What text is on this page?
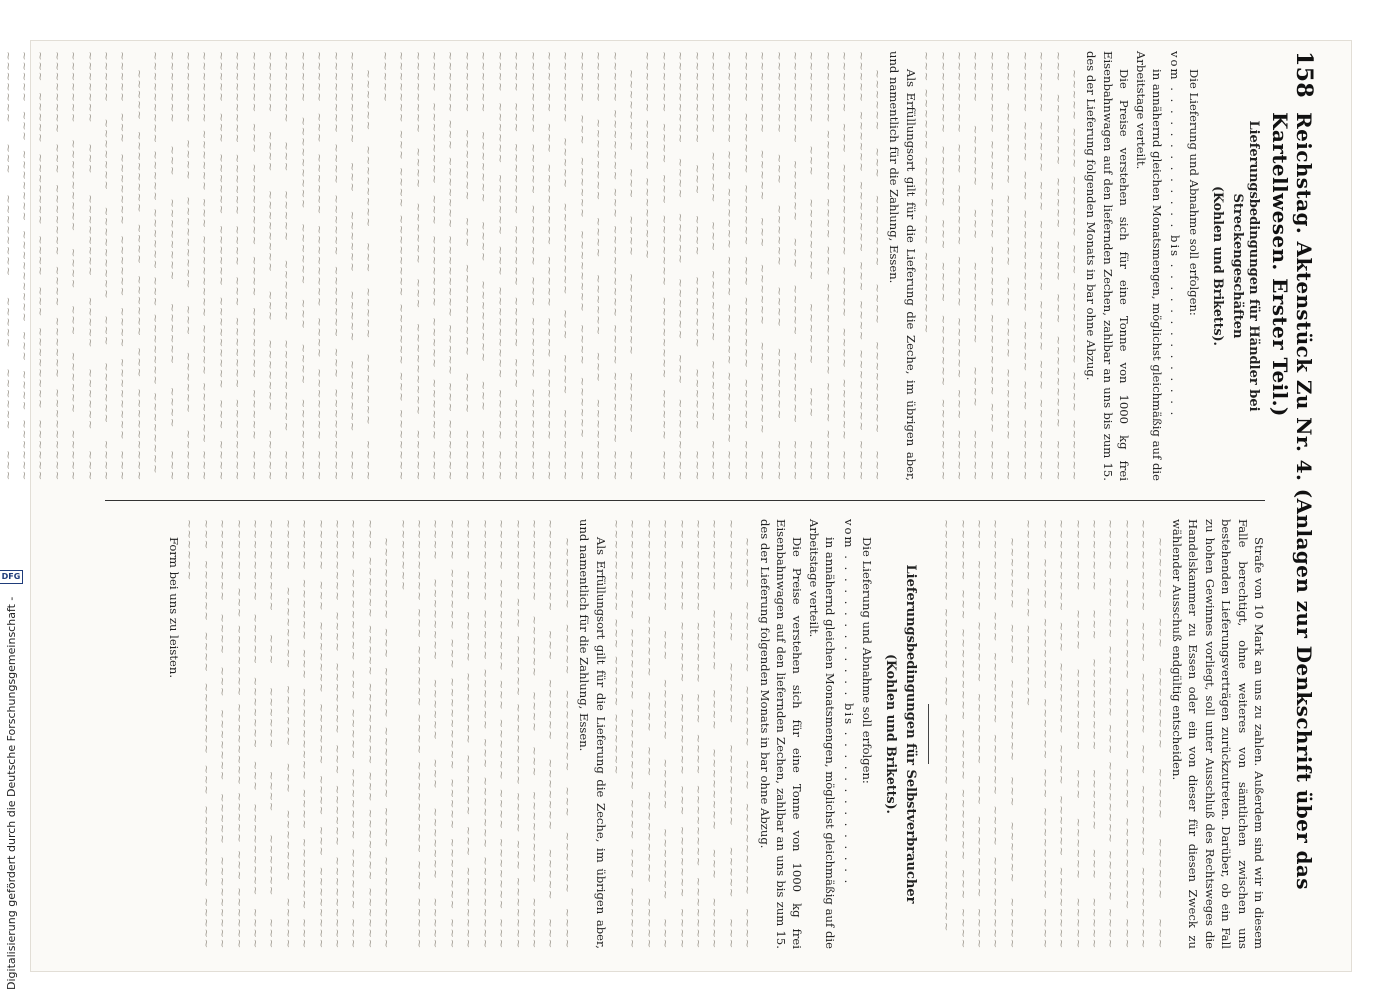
158
Reichstag. Aktenstück Zu Nr. 4. (Anlagen zur Denkschrift über das Kartellwesen. Erster Teil.)
Lieferungsbedingungen für Händler bei Streckengeschäften
(Kohlen und Briketts).

Die Lieferung und Abnahme soll erfolgen:

vom . . . . . . . . . . . . . bis . . . . . . . . . . . . . .

in annähernd gleichen Monatsmengen, möglichst gleichmäßig auf die Arbeitstage verteilt.

Die Preise verstehen sich für eine Tonne von 1000 kg frei Eisenbahnwagen auf den liefernden Zechen, zahlbar an uns bis zum 15. des der Lieferung folgenden Monats in bar ohne Abzug.

~~~~~ ~~~~ ~~~~~~ ~~~ ~~~~~~~~ ~~~~ ~~~~~~ ~~~ ~~~~~~~ ~~~~~ ~~~~ ~~~ ~~~~~~~~~ ~~~~ ~~~~~~ ~~~~~ ~~~ ~~~~~~~ ~~~~~ ~~~ ~~~~~~~~ ~~~~~~ ~~~~ ~~~ ~~~~~~~~~~ ~~~~~ ~~~ ~~~~~~ ~~~~ ~~~~~~~~ ~~~~~~~ ~~~ ~~~~ ~~~~~~~ ~~~ ~~~~~~~~ ~~~~~ ~~~~ ~~~~~~ ~~~~~~~~ ~~~ ~~~~ ~~~~~ ~~~~~~ ~~~ ~~~~~~~~ ~~~~ ~~~~~ ~~~~~~~~ ~~~ ~~~~~~ ~~~~~ ~~~~~~ ~~~ ~~~~~ ~~~~~~~~ ~~~~~~ ~~~ ~~~~ ~~~~~~~ ~~~~~~~~ ~~~ ~~~~~~ ~~~~~ ~~~ ~~~~~~~~

Als Erfüllungsort gilt für die Lieferung die Zeche, im übrigen aber, und namentlich für die Zahlung, Essen.

~~~~~~ ~~~ ~~~~~~~ ~~~~ ~~~~~~~~~ ~~~ ~~~~~ ~~~~~~ ~~~~~~~ ~~~ ~~~~ ~~~~~~~~ ~~~~ ~~~~~~ ~~~ ~~~~~~~~~ ~~~~~ ~~~~ ~~~~~~ ~~~ ~~~~~~~ ~~~~~~ ~~~~ ~~~ ~~~~~~~~~ ~~~~ ~~~~~ ~~~~~~~ ~~~ ~~~~~~~~ ~~~~~~ ~~~ ~~~~ ~~~~~~~~~ ~~~~~~ ~~~ ~~~~~ ~~~~~~~ ~~~~ ~~~~~~~~ ~~~ ~~~~~~ ~~~~ ~~~~~~~ ~~~~ ~~~~~~~~ ~~~~~ ~~~ ~~~~~~ ~~~~~~~~~ ~~~ ~~~~~ ~~~~~~ ~~~~~~ ~~~ ~~~~~~~ ~~~~~ ~~~~ ~~~~~~~~~ ~~~ ~~~~~~ ~~~~ ~~~~~~ ~~~~~~~ ~~~ ~~~~~~~~ ~~~~~ ~~~ ~~~~~~~ ~~~~~~ ~~~~ ~~~~~~~~~ ~~~ ~~~~ ~~~~~~~ ~~~~~~ ~~~ ~~~~~~~~~ ~~~~ ~~~~~ ~~~~~~ ~~~ ~~~~~~~~ ~~~~~~ ~~~~ ~~~ ~~~~~~~ ~~~~~~~~ ~~~~~ ~~~ ~~~~~~ ~~~~~ ~~~~~~~~

~~~~~~~~ ~~~ ~~~~ ~~~~~~~~ ~~~~~~ ~~~ ~~~~~ ~~~~~~~ ~~~ ~~~~~~~~~ ~~~~ ~~~~~~~ ~~~ ~~~~~ ~~~~~~~~ ~~~~ ~~~~~~ ~~~ ~~~~~~~~ ~~~~~ ~~~ ~~~~~~ ~~~~~~~~ ~~~~ ~~~~~~ ~~~ ~~~~~~~ ~~~~~ ~~~~~~~~~ ~~~ ~~~~ ~~~~~~~ ~~~~~~ ~~~ ~~~~~~~~ ~~~~~ ~~~~ ~~~~~~~ ~~~ ~~~~~~~~ ~~~~~ ~~~~~~ ~~~ ~~~~~~ ~~~~~~~~~ ~~~~ ~~~ ~~~~~~~ ~~~~~~ ~~~~~ ~~~ ~~~~~~~~ ~~~~ ~~~~~~ ~~~~~~ ~~~ ~~~~~~~~~ ~~~~~ ~~~ ~~~~~~ ~~~~~~~ ~~~~ ~~~~~~~~ ~~~ ~~~~~ ~~~~~~ ~~~~~~~ ~~~ ~~~~~~~~~ ~~~~ ~~~~~ ~~~~~~ ~~~ ~~~~~~~ ~~~~~~~~ ~~~~~ ~~~ ~~~~~~ ~~~~ ~~~~~~~~ ~~~ ~~~~~~~ ~~~~~ ~~~~~~ ~~~ ~~~~~~~~ ~~~~ ~~~~~~ ~~~ ~~~~~~~~~ ~~~~~ ~~~~~~~ ~~~ ~~~~ ~~~~~~~~ ~~~~~~ ~~~ ~~~~~~~ ~~~~~

~~~~~~ ~~~~~~~~ ~~~ ~~~~~ ~~~~~~~ ~~~~ ~~~~~~~~~ ~~~ ~~~~~~ ~~~~~ ~~~~~~~ ~~~ ~~~~~~~~ ~~~~ ~~~~~~ ~~~~~~~ ~~~ ~~~~~~~~~ ~~~~~ ~~~ ~~~~~~ ~~~~~~~~ ~~~~ ~~~~~~~ ~~~ ~~~~~ ~~~~~~~~~ ~~~~~~ ~~~ ~~~~ ~~~~~~~~ ~~~~~~~ ~~~ ~~~~~ ~~~~~~ ~~~~~~~~~ ~~~ ~~~~~~ ~~~~ ~~~~~~~~ ~~~ ~~~~~~~ ~~~~~ ~~~~~~ ~~~ ~~~~~~~~ ~~~~ ~~~~~~~ ~~~~~ ~~~ ~~~~~~~~~ ~~~~~~ ~~~~ ~~~ ~~~~~~~ ~~~~~~~~ ~~~~~ ~~~ ~~~~~~ ~~~~~~ ~~~~~~~~~ ~~~ ~~~~ ~~~~~~~ ~~~~~~ ~~~ ~~~~~~~~ ~~~~~ ~~~~~~ ~~~ ~~~~~~~ ~~~~ ~~~~~~~~~ ~~~ ~~~~~~ ~~~~~ ~~~~~~~ ~~~ ~~~~~~~~ ~~~~~~ ~~~~ ~~~ ~~~~~~~~~ ~~~~~ ~~~~~~ ~~~ ~~~~~~~ ~~~~~~~~

~~~~~ ~~~~~~~~ ~~~~ ~~~~~~ ~~~ ~~~~~~~~~ ~~~~~ ~~~ ~~~~~~~ ~~~~~~ ~~~~ ~~~~~~~~ ~~~ ~~~~~ ~~~~~~~ ~~~~~~~~~ ~~~ ~~~~~~ ~~~~ ~~~~~~~ ~~~ ~~~~~~~~ ~~~~~ ~~~~~~ ~~~ ~~~~~~~ ~~~~~~~~~ ~~~~ ~~~ ~~~~~~ ~~~~~ ~~~~~~~~ ~~~ ~~~~~~~ ~~~~ ~~~~~~ ~~~~~~~~~ ~~~ ~~~~~ ~~~~~~~ ~~~~ ~~~ ~~~~~~~~ ~~~~~~ ~~~~~ ~~~ ~~~~~~~ ~~~~~~~~~ ~~~ ~~~~ ~~~~~~ ~~~~~~~ ~~~ ~~~~~~~~ ~~~~~ ~~~~~~ ~~~

Strafe von 10 Mark an uns zu zahlen. Außerdem sind wir in diesem Falle berechtigt, ohne weiteres von sämtlichen zwischen uns bestehenden Lieferungsverträgen zurückzutreten. Darüber, ob ein Fall zu hohen Gewinnes vorliegt, soll unter Ausschluß des Rechtsweges die Handelskammer zu Essen oder ein von dieser für diesen Zweck zu wählender Ausschuß endgültig entscheiden.

~~~~~~ ~~~ ~~~~~~~~ ~~~~~ ~~~~~~ ~~~ ~~~~~~~~~ ~~~~ ~~~~~~ ~~~ ~~~~~~~ ~~~~~~~~ ~~~~~ ~~~ ~~~~~~ ~~~~~~~ ~~~~ ~~~~~~~~~ ~~~ ~~~~~ ~~~~~~ ~~~~~~~ ~~~ ~~~~~~~~ ~~~~~ ~~~~ ~~~~~~~ ~~~ ~~~~~~~~~ ~~~~~~ ~~~ ~~~~~ ~~~~~~~ ~~~~ ~~~~~~~~ ~~~ ~~~~~~ ~~~~~ ~~~~~~~~~ ~~~ ~~~~~~~ ~~~~ ~~~~~~ ~~~~~~~~ ~~~ ~~~~~ ~~~~~~~ ~~~~~~ ~~~ ~~~~~~~~~ ~~~~ ~~~~~~ ~~~ ~~~~~~~~

~~~~~~~ ~~~~ ~~~~~~~~ ~~~ ~~~~~~ ~~~~~ ~~~~~~~~ ~~~ ~~~~~~~ ~~~~~~ ~~~~ ~~~~~~~~~ ~~~ ~~~~~ ~~~~~~ ~~~~~~~ ~~~ ~~~~~~~~ ~~~~ ~~~~~~ ~~~ ~~~~~~~~~ ~~~~~ ~~~~~~~ ~~~ ~~~~ ~~~~~~~~ ~~~~~~ ~~~ ~~~~~~~ ~~~~~ ~~~~~~~~

Lieferungsbedingungen für Selbstverbraucher
(Kohlen und Briketts).

Die Lieferung und Abnahme soll erfolgen:

vom . . . . . . . . . . . . . bis . . . . . . . . . . . . . .

in annähernd gleichen Monatsmengen, möglichst gleichmäßig auf die Arbeitstage verteilt.

Die Preise verstehen sich für eine Tonne von 1000 kg frei Eisenbahnwagen auf den liefernden Zechen, zahlbar an uns bis zum 15. des der Lieferung folgenden Monats in bar ohne Abzug.

~~~~~ ~~~~~~~ ~~~~~~ ~~~ ~~~~~~~~~ ~~~~ ~~~~~~~ ~~~ ~~~~~~ ~~~~~~~~ ~~~~~ ~~~ ~~~~~~~ ~~~~~~ ~~~~ ~~~~~~~~ ~~~ ~~~~~ ~~~~~~~~~ ~~~~~~ ~~~ ~~~~ ~~~~~~~~ ~~~~~~~ ~~~ ~~~~~ ~~~~~~ ~~~~~~~~ ~~~ ~~~~~~~ ~~~~ ~~~~~~~~~ ~~~ ~~~~~~ ~~~~~ ~~~~~~~ ~~~ ~~~~~~~~ ~~~~~~ ~~~~ ~~~ ~~~~~~~~~ ~~~~~ ~~~~~~ ~~~ ~~~~~~~ ~~~~~~~~ ~~~~ ~~~ ~~~~~~ ~~~~~~~~~ ~~~ ~~~~~ ~~~~~~

Als Erfüllungsort gilt für die Lieferung die Zeche, im übrigen aber, und namentlich für die Zahlung, Essen.

~~~~~~~ ~~~~~ ~~~~~~~~ ~~~ ~~~~~~ ~~~~ ~~~~~~~~~ ~~~ ~~~~~~ ~~~~~~~ ~~~~~ ~~~ ~~~~~~~~ ~~~~~~ ~~~~ ~~~ ~~~~~~~~~ ~~~~~ ~~~~~~~ ~~~ ~~~~~~ ~~~~~~~~ ~~~~ ~~~ ~~~~~~~ ~~~~~ ~~~~~~~~~ ~~~ ~~~~~~ ~~~~ ~~~~~~~ ~~~ ~~~~~~~~ ~~~~~ ~~~~~~ ~~~ ~~~~~~~ ~~~~~~~~~ ~~~~ ~~~ ~~~~~ ~~~~~~~ ~~~~~~ ~~~ ~~~~~~~~ ~~~~ ~~~~~~ ~~~ ~~~~~~~~~ ~~~~~ ~~~~~~~ ~~~ ~~~~ ~~~~~~~~ ~~~~~~ ~~~ ~~~~~~~ ~~~~~ ~~~~~~~~ ~~~ ~~~~~~ ~~~~ ~~~~~~~~~ ~~~ ~~~~~ ~~~~~~~

~~~~~~~~ ~~~ ~~~~~ ~~~~~~~ ~~~~ ~~~~~~~~~ ~~~ ~~~~~~ ~~~~~ ~~~~~~~~ ~~~ ~~~~~~~ ~~~~~~ ~~~~ ~~~~~~~~~ ~~~ ~~~~~ ~~~~~~~ ~~~~~~ ~~~ ~~~~~~~~ ~~~~ ~~~~~~~ ~~~ ~~~~~~ ~~~~~~~~~ ~~~~~ ~~~ ~~~~~~~ ~~~~~~ ~~~~ ~~~ ~~~~~~~~ ~~~~~ ~~~~~~ ~~~ ~~~~~~~~~ ~~~~ ~~~~~~~ ~~~ ~~~~~ ~~~~~~~~ ~~~~~~ ~~~ ~~~~~~~ ~~~~~ ~~~~~~~~~ ~~~ ~~~~~~ ~~~~ ~~~~~~ ~~~ ~~~~~~~~ ~~~~~ ~~~~~~~ ~~~ ~~~~~~~~~ ~~~~ ~~~~~~ ~~~ ~~~~~~~ ~~~~~~~~ ~~~~~ ~~~ ~~~~~~ ~~~~~~~~ ~~~~ ~~~ ~~~~~~~ ~~~~~ ~~~~~~~~~ ~~~ ~~~~~~ ~~~~ ~~~~~~~ ~~~ ~~~~~~~~ ~~~~~ ~~~~~~

Form bei uns zu leisten.

Digitalisierung gefördert durch die Deutsche Forschungsgemeinschaft -
DFG
